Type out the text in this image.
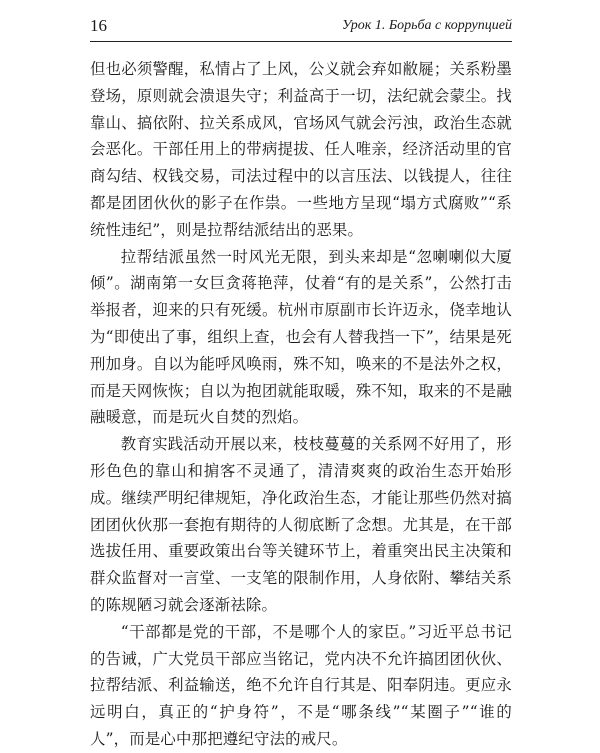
16	Урок 1. Борьба с коррупцией

但也必须警醒，私情占了上风，公义就会弃如敝屣；关系粉墨登场，原则就会溃退失守；利益高于一切，法纪就会蒙尘。找靠山、搞依附、拉关系成风，官场风气就会污浊，政治生态就会恶化。干部任用上的带病提拔、任人唯亲，经济活动里的官商勾结、权钱交易，司法过程中的以言压法、以钱提人，往往都是团团伙伙的影子在作祟。一些地方呈现“塌方式腐败”“系统性违纪”，则是拉帮结派结出的恶果。

拉帮结派虽然一时风光无限，到头来却是“忽喇喇似大厦倾”。湖南第一女巨贪蒋艳萍，仗着“有的是关系”，公然打击举报者，迎来的只有死缓。杭州市原副市长许迈永，侥幸地认为“即使出了事，组织上查，也会有人替我挡一下”，结果是死刑加身。自以为能呼风唤雨，殊不知，唤来的不是法外之权，而是天网恢恢；自以为抱团就能取暖，殊不知，取来的不是融融暖意，而是玩火自焚的烈焰。

教育实践活动开展以来，枝枝蔓蔓的关系网不好用了，形形色色的靠山和掮客不灵通了，清清爽爽的政治生态开始形成。继续严明纪律规矩，净化政治生态，才能让那些仍然对搞团团伙伙那一套抱有期待的人彻底断了念想。尤其是，在干部选拔任用、重要政策出台等关键环节上，着重突出民主决策和群众监督对一言堂、一支笔的限制作用，人身依附、攀结关系的陈规陋习就会逐渐祛除。

“干部都是党的干部，不是哪个人的家臣。”习近平总书记的告诫，广大党员干部应当铭记，党内决不允许搞团团伙伙、拉帮结派、利益输送，绝不允许自行其是、阳奉阴违。更应永远明白，真正的“护身符”，不是“哪条线”“某圈子”“谁的人”，而是心中那把遵纪守法的戒尺。
